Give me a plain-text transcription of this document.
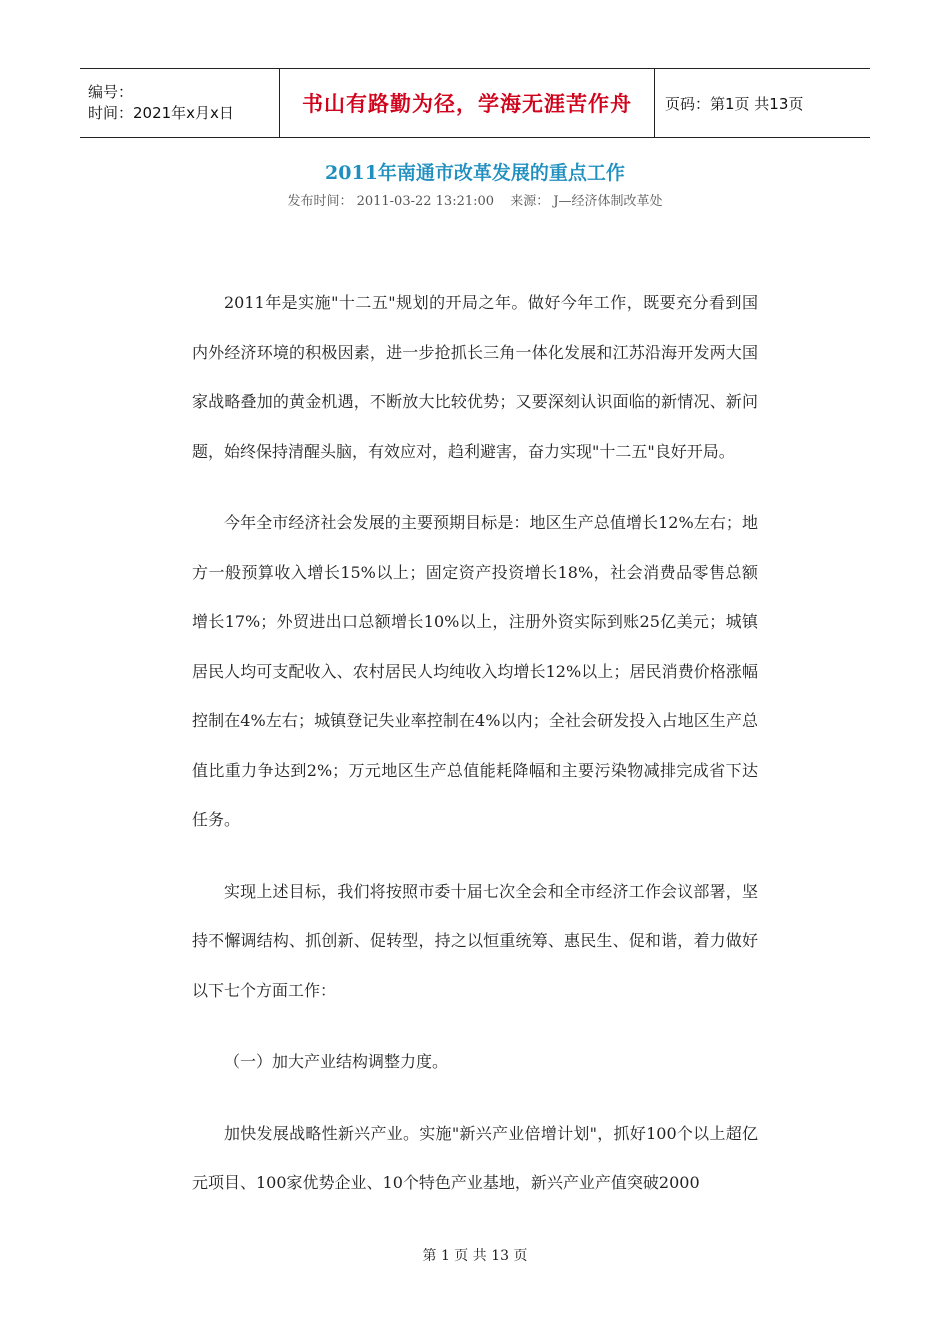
编号：
时间：2021年x月x日	书山有路勤为径，学海无涯苦作舟 页码：第1页 共13页
2011年南通市改革发展的重点工作
发布时间： 2011-03-22 13:21:00 来源： J—经济体制改革处

2011年是实施"十二五"规划的开局之年。做好今年工作，既要充分看到国内外经济环境的积极因素，进一步抢抓长三角一体化发展和江苏沿海开发两大国家战略叠加的黄金机遇，不断放大比较优势；又要深刻认识面临的新情况、新问题，始终保持清醒头脑，有效应对，趋利避害，奋力实现"十二五"良好开局。

今年全市经济社会发展的主要预期目标是：地区生产总值增长12%左右；地方一般预算收入增长15%以上；固定资产投资增长18%，社会消费品零售总额增长17%；外贸进出口总额增长10%以上，注册外资实际到账25亿美元；城镇居民人均可支配收入、农村居民人均纯收入均增长12%以上；居民消费价格涨幅控制在4%左右；城镇登记失业率控制在4%以内；全社会研发投入占地区生产总值比重力争达到2%；万元地区生产总值能耗降幅和主要污染物减排完成省下达任务。

实现上述目标，我们将按照市委十届七次全会和全市经济工作会议部署，坚持不懈调结构、抓创新、促转型，持之以恒重统筹、惠民生、促和谐，着力做好以下七个方面工作：

（一）加大产业结构调整力度。

加快发展战略性新兴产业。实施"新兴产业倍增计划"，抓好100个以上超亿元项目、100家优势企业、10个特色产业基地，新兴产业产值突破2000

第 1 页 共 13 页
